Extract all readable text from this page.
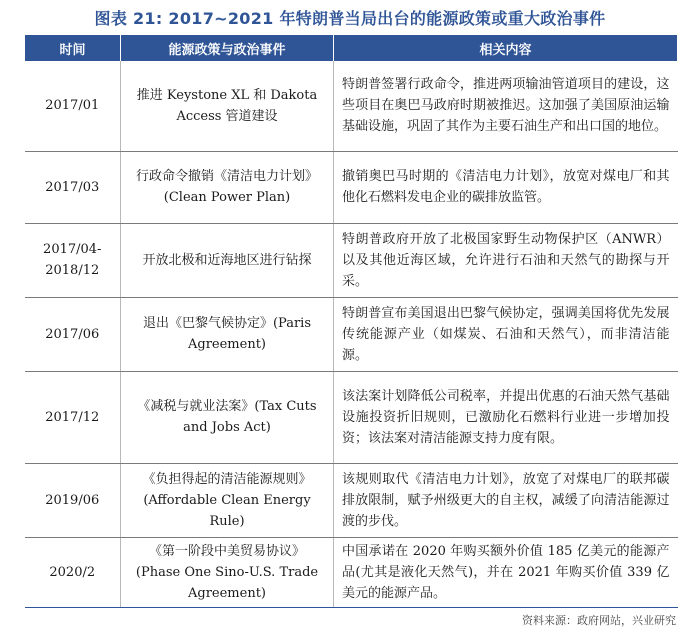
图表 21: 2017~2021 年特朗普当局出台的能源政策或重大政治事件
时间	能源政策与政治事件	相关内容
2017/01	推进 Keystone XL 和 Dakota Access 管道建设	特朗普签署行政命令，推进两项输油管道项目的建设，这些项目在奥巴马政府时期被推迟。这加强了美国原油运输基础设施，巩固了其作为主要石油生产和出口国的地位。
2017/03	行政命令撤销《清洁电力计划》(Clean Power Plan)	撤销奥巴马时期的《清洁电力计划》，放宽对煤电厂和其他化石燃料发电企业的碳排放监管。
2017/04-2018/12	开放北极和近海地区进行钻探	特朗普政府开放了北极国家野生动物保护区（ANWR）以及其他近海区域，允许进行石油和天然气的勘探与开采。
2017/06	退出《巴黎气候协定》(Paris Agreement)	特朗普宣布美国退出巴黎气候协定，强调美国将优先发展传统能源产业（如煤炭、石油和天然气），而非清洁能源。
2017/12	《减税与就业法案》(Tax Cuts and Jobs Act)	该法案计划降低公司税率，并提出优惠的石油天然气基础设施投资折旧规则，已激励化石燃料行业进一步增加投资；该法案对清洁能源支持力度有限。
2019/06	《负担得起的清洁能源规则》(Affordable Clean Energy Rule)	该规则取代《清洁电力计划》，放宽了对煤电厂的联邦碳排放限制，赋予州级更大的自主权，减缓了向清洁能源过渡的步伐。
2020/2	《第一阶段中美贸易协议》(Phase One Sino-U.S. Trade Agreement)	中国承诺在 2020 年购买额外价值 185 亿美元的能源产品(尤其是液化天然气)，并在 2021 年购买价值 339 亿美元的能源产品。
资料来源：政府网站，兴业研究
